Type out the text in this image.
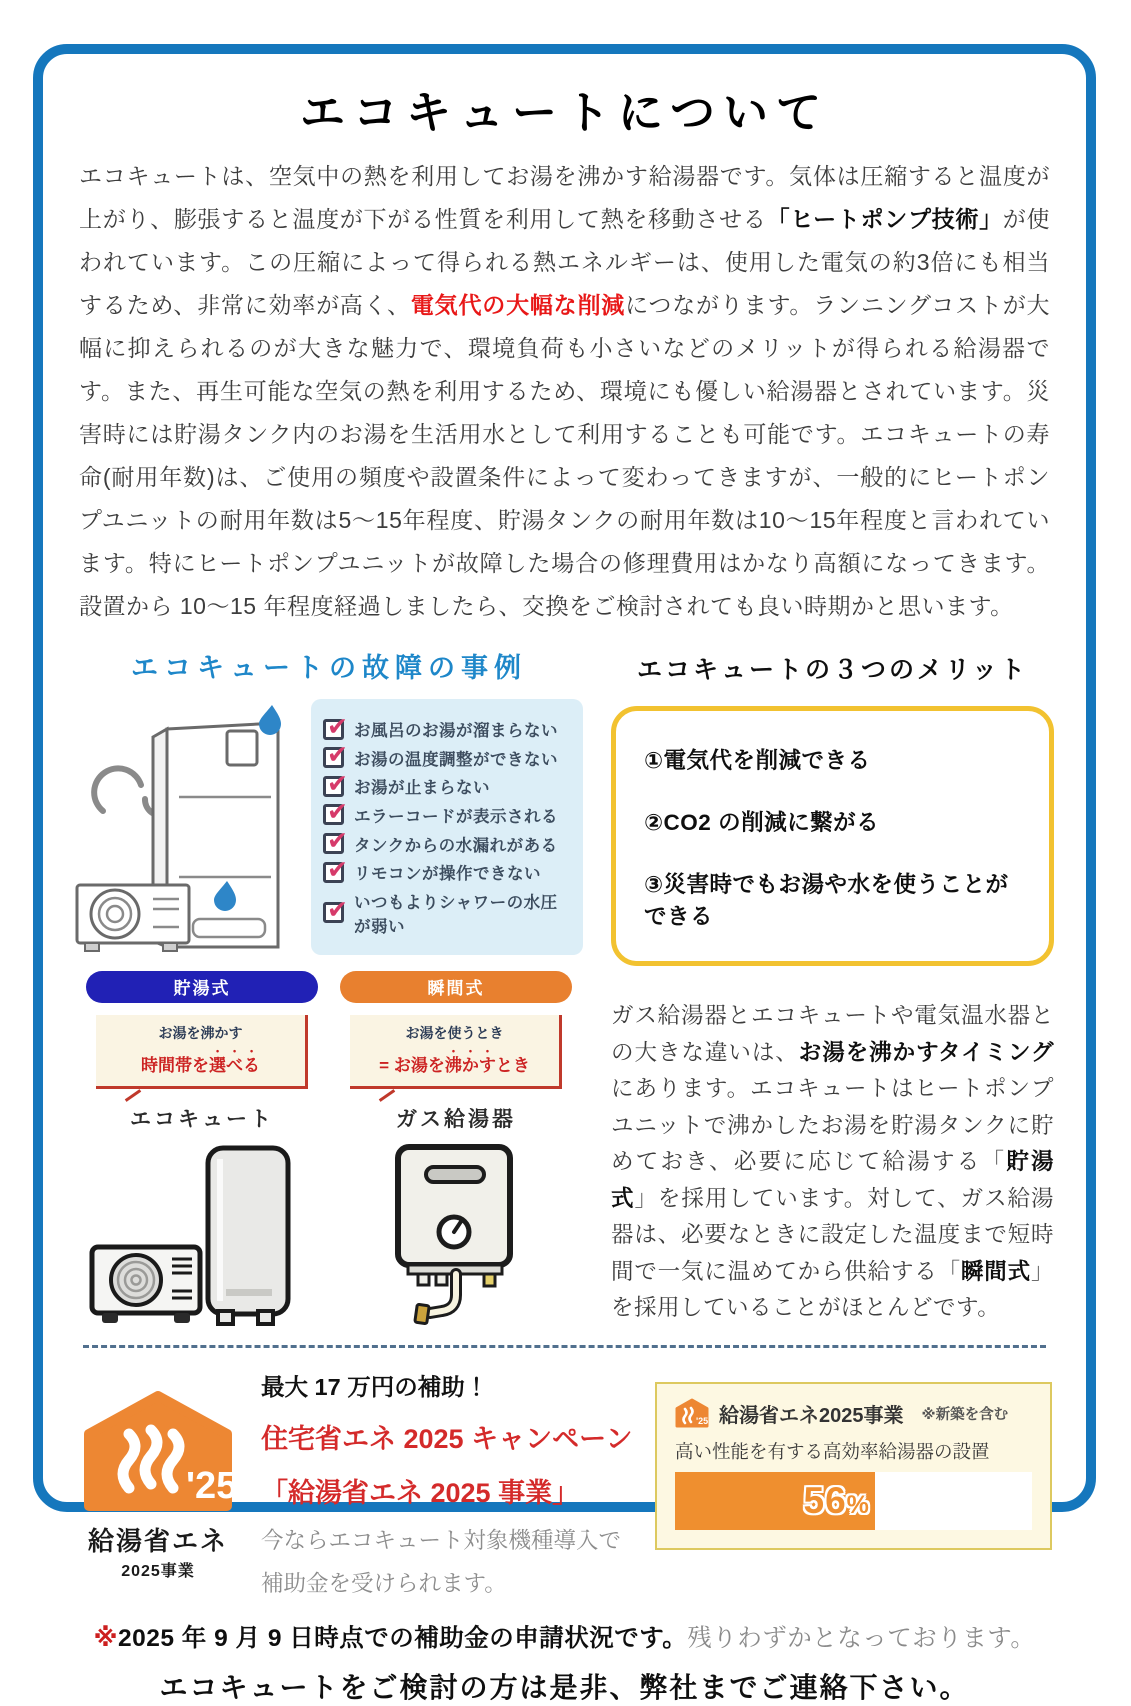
エコキュートについて
エコキュートは、空気中の熱を利用してお湯を沸かす給湯器です。気体は圧縮すると温度が上がり、膨張すると温度が下がる性質を利用して熱を移動させる「ヒートポンプ技術」が使われています。この圧縮によって得られる熱エネルギーは、使用した電気の約3倍にも相当するため、非常に効率が高く、電気代の大幅な削減につながります。ランニングコストが大幅に抑えられるのが大きな魅力で、環境負荷も小さいなどのメリットが得られる給湯器です。また、再生可能な空気の熱を利用するため、環境にも優しい給湯器とされています。災害時には貯湯タンク内のお湯を生活用水として利用することも可能です。エコキュートの寿命(耐用年数)は、ご使用の頻度や設置条件によって変わってきますが、一般的にヒートポンプユニットの耐用年数は5〜15年程度、貯湯タンクの耐用年数は10〜15年程度と言われています。特にヒートポンプユニットが故障した場合の修理費用はかなり高額になってきます。設置から 10〜15 年程度経過しましたら、交換をご検討されても良い時期かと思います。
エコキュートの故障の事例
✔
お風呂のお湯が溜まらない
✔
お湯の温度調整ができない
✔
お湯が止まらない
✔
エラーコードが表示される
✔
タンクからの水漏れがある
✔
リモコンが操作できない
✔
いつもよりシャワーの水圧が弱い
貯湯式	瞬間式
お湯を沸かす
時間帯を選べる
お湯を使うとき
= お湯を沸かすとき
エコキュート	ガス給湯器
エコキュートの３つのメリット
①電気代を削減できる
②CO2 の削減に繋がる
③災害時でもお湯や水を使うことができる
ガス給湯器とエコキュートや電気温水器との大きな違いは、お湯を沸かすタイミングにあります。エコキュートはヒートポンプユニットで沸かしたお湯を貯湯タンクに貯めておき、必要に応じて給湯する「貯湯式」を採用しています。対して、ガス給湯器は、必要なときに設定した温度まで短時間で一気に温めてから供給する「瞬間式」を採用していることがほとんどです。
'25
給湯省エネ
2025事業
最大 17 万円の補助！
住宅省エネ 2025 キャンペーン
「給湯省エネ 2025 事業」
今ならエコキュート対象機種導入で
補助金を受けられます。
'25 給湯省エネ2025事業 ※新築を含む
高い性能を有する高効率給湯器の設置
56%
※2025 年 9 月 9 日時点での補助金の申請状況です。残りわずかとなっております。
エコキュートをご検討の方は是非、弊社までご連絡下さい。
